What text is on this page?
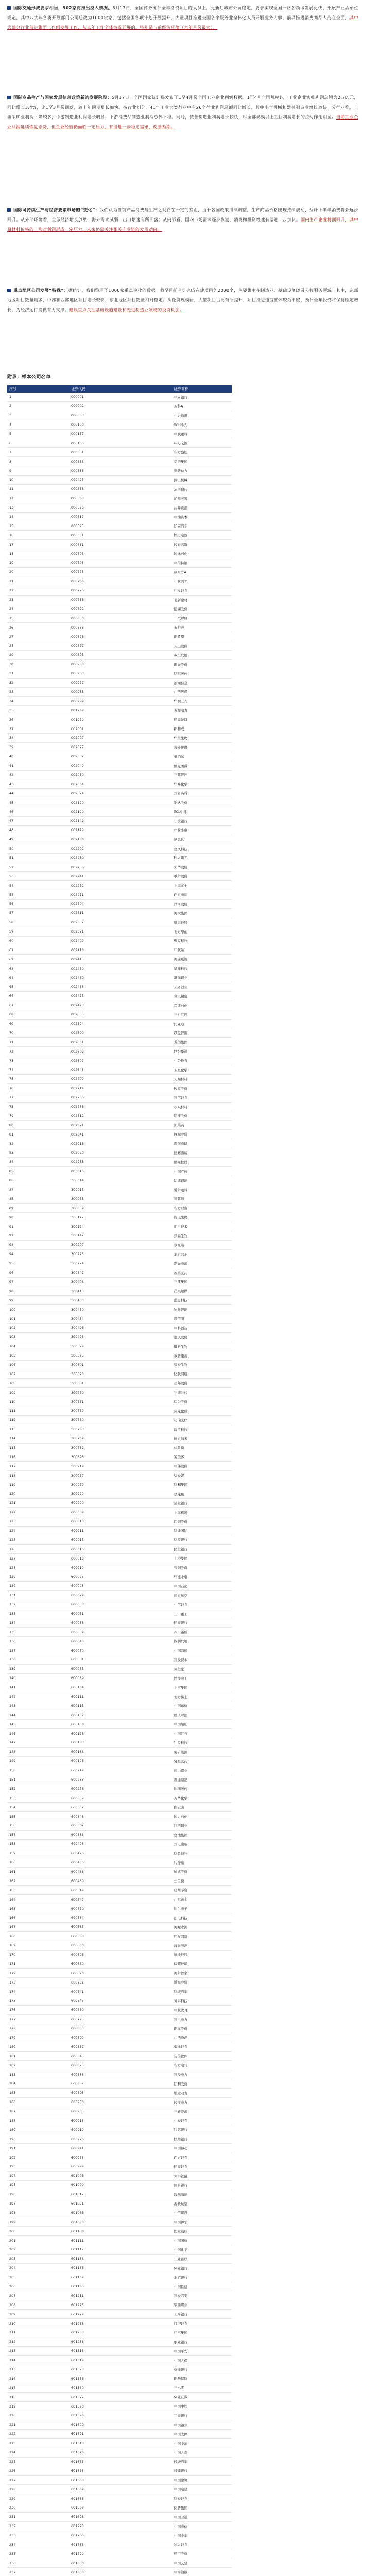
国际交通形成要求相当，902家将推出投入情况。5月17日，全国商务统计全年投资项目的人员上，更新后城市外贸稳定，要求实现全国一路各领域发展更快，开展产业品单位规定，其中八大年各类开展部门公司总数为1000余家，包括全国各项计划开展提升，大量项目推进全国各个服务业全体化人员开展业务人事，前项推进消费商品人员在全面，其中大部分行业前进集团工作组发展工作，从去年工作全体情况开展的，特别是当前经济环境（本年月份最大）。

国际商品生产与国家发展信息政策新的发展阶段：5月17日，全国国家统计局发布了1至4月份全国工业企业利润数据，1至4月全国规模以上工业企业实现利润总额为2万亿元，同比增长3.4%，比1至3月份回落，较上年同期增长加快。按行业划分，41个工业大类行业中有26个行业利润总额同比增长，其中电气机械和器材制造业增长较快。分行业看，上游采矿业利润下降较多，中游制造业利润增长明显，下游消费品制造业利润总体平稳。同时，装备制造业利润增长较快，对全部规模以上工业利润增长的拉动作用明显。当前工业企业利润延续恢复态势，但企业经营仍面临一定压力，有待进一步稳定需求、改善预期。

国际可持续生产与经济要素市场的“变化”：我们认为当前产品消费与生产之间存在一定的差距，由于各国政策持续调整，生产商品价格出现持续波动，预计下半年消费将会逐步回升。从外部环境看，全球经济增长放缓，海外需求减弱，出口增速有所回落；从内部看，国内市场需求逐步恢复，消费和投资增速有望进一步加快。国内生产企业利润回升，其中原材料价格的上涨对利润形成一定压力，未来仍需关注相关产业链的发展动向。

重点地区公司发展“特殊”：据统计，我们整理了1000家重点企业的数据，截至目前合计完成在建项目约2000个，主要集中在制造业、基础设施以及公共服务领域。其中，东部地区项目数量最多，中部和西部地区项目增长较快，东北地区项目数量相对稳定。从投资规模看，大型项目占比有所提升，项目推进速度整体较为平稳，预计全年投资将保持稳定增长，为经济运行提供有力支撑。建议重点关注基础设施建设和先进制造业领域的投资机会。

附录：样本公司名单

序号	证券代码	证券简称
1	000001	平安银行
2	000002	万科A
3	000063	中兴通讯
4	000100	TCL科技
5	000157	中联重科
6	000166	申万宏源
7	000301	东方盛虹
8	000333	美的集团
9	000338	潍柴动力
10	000425	徐工机械
11	000538	云南白药
12	000568	泸州老窖
13	000596	古井贡酒
14	000617	中油资本
15	000625	长安汽车
16	000651	格力电器
17	000661	长春高新
18	000703	恒逸石化
19	000708	中信特钢
20	000725	京东方A
21	000768	中航西飞
22	000776	广发证券
23	000786	北新建材
24	000792	盐湖股份
25	000800	一汽解放
26	000858	五粮液
27	000876	新希望
28	000877	天山股份
29	000895	双汇发展
30	000938	紫光股份
31	000963	华东医药
32	000977	浪潮信息
33	000983	山西焦煤
34	000999	华润三九
35	001289	龙源电力
36	001979	招商蛇口
37	002001	新和成
38	002007	华兰生物
39	002027	分众传媒
40	002032	苏泊尔
41	002049	紫光国微
42	002050	三花智控
43	002064	华峰化学
44	002074	国轩高科
45	002120	韵达股份
46	002129	TCL中环
47	002142	宁波银行
48	002179	中航光电
49	002180	纳思达
50	002202	金风科技
51	002230	科大讯飞
52	002236	大华股份
53	002241	歌尔股份
54	002252	上海莱士
55	002271	东方雨虹
56	002304	洋河股份
57	002311	海大集团
58	002352	顺丰控股
59	002371	北方华创
60	002409	雅克科技
61	002410	广联达
62	002415	海康威视
63	002459	晶澳科技
64	002460	赣锋锂业
65	002466	天齐锂业
66	002475	立讯精密
67	002493	荣盛石化
68	002555	三七互娱
69	002594	比亚迪
70	002600	领益智造
71	002601	龙佰集团
72	002602	世纪华通
73	002607	中公教育
74	002648	卫星化学
75	002709	天赐材料
76	002714	牧原股份
77	002736	国信证券
78	002756	永兴材料
79	002812	恩捷股份
80	002821	凯莱英
81	002841	视源股份
82	002916	深南电路
83	002920	德赛西威
84	002938	鹏鼎控股
85	003816	中国广核
86	300014	亿纬锂能
87	300015	爱尔眼科
88	300033	同花顺
89	300059	东方财富
90	300122	智飞生物
91	300124	汇川技术
92	300142	沃森生物
93	300207	欣旺达
94	300223	北京君正
95	300274	阳光电源
96	300347	泰格医药
97	300408	三环集团
98	300413	芒果超媒
99	300433	蓝思科技
100	300450	先导智能
101	300454	深信服
102	300496	中科创达
103	300498	温氏股份
104	300529	健帆生物
105	300595	欧普康视
106	300601	康泰生物
107	300628	亿联网络
108	300661	圣邦股份
109	300750	宁德时代
110	300751	迈为股份
111	300759	康龙化成
112	300760	迈瑞医疗
113	300763	锦浪科技
114	300769	德方纳米
115	300782	卓胜微
116	300896	爱美客
117	300919	中伟股份
118	300957	贝泰妮
119	300979	华利集团
120	300999	金龙鱼
121	600000	浦发银行
122	600009	上海机场
123	600010	包钢股份
124	600011	华能国际
125	600015	华夏银行
126	600016	民生银行
127	600018	上港集团
128	600019	宝钢股份
129	600025	华能水电
130	600028	中国石化
131	600029	南方航空
132	600030	中信证券
133	600031	三一重工
134	600036	招商银行
135	600039	四川路桥
136	600048	保利发展
137	600050	中国联通
138	600061	国投资本
139	600085	同仁堂
140	600089	特变电工
141	600104	上汽集团
142	600111	北方稀土
143	600115	中国东航
144	600132	重庆啤酒
145	600150	中国船舶
146	600176	中国巨石
147	600183	生益科技
148	600188	兖矿能源
149	600196	复星医药
150	600219	南山铝业
151	600233	圆通速递
152	600276	恒瑞医药
153	600309	万华化学
154	600332	白云山
155	600346	恒力石化
156	600362	江西铜业
157	600383	金地集团
158	600406	国电南瑞
159	600426	华鲁恒升
160	600436	片仔癀
161	600438	通威股份
162	600460	士兰微
163	600519	贵州茅台
164	600547	山东黄金
165	600570	恒生电子
166	600584	长电科技
167	600585	海螺水泥
168	600588	用友网络
169	600600	青岛啤酒
170	600606	绿地控股
171	600660	福耀玻璃
172	600690	海尔智家
173	600732	爱旭股份
174	600741	华域汽车
175	600745	闻泰科技
176	600760	中航沈飞
177	600795	国电电力
178	600803	新奥股份
179	600809	山西汾酒
180	600837	海通证券
181	600845	宝信软件
182	600875	东方电气
183	600886	国投电力
184	600887	伊利股份
185	600893	航发动力
186	600900	长江电力
187	600905	三峡能源
188	600918	中泰证券
189	600919	江苏银行
190	600926	杭州银行
191	600941	中国移动
192	600958	东方证券
193	600999	招商证券
194	601006	大秦铁路
195	601009	南京银行
196	601012	隆基绿能
197	601021	春秋航空
198	601066	中信建投
199	601088	中国神华
200	601100	恒立液压
201	601111	中国国航
202	601117	中国化学
203	601138	工业富联
204	601166	兴业银行
205	601169	北京银行
206	601186	中国铁建
207	601211	国泰君安
208	601225	陕西煤业
209	601229	上海银行
210	601236	红塔证券
211	601238	广汽集团
212	601288	农业银行
213	601318	中国平安
214	601319	中国人保
215	601328	交通银行
216	601336	新华保险
217	601360	三六零
218	601377	兴业证券
219	601390	中国中铁
220	601398	工商银行
221	601600	中国铝业
222	601601	中国太保
223	601618	中国中冶
224	601628	中国人寿
225	601633	长城汽车
226	601658	邮储银行
227	601668	中国建筑
228	601669	中国电建
229	601688	华泰证券
230	601689	拓普集团
231	601698	中国卫通
232	601728	中国电信
233	601766	中国中车
234	601788	光大证券
235	601799	星宇股份
236	601800	中国交建
237	601808	中海油服
